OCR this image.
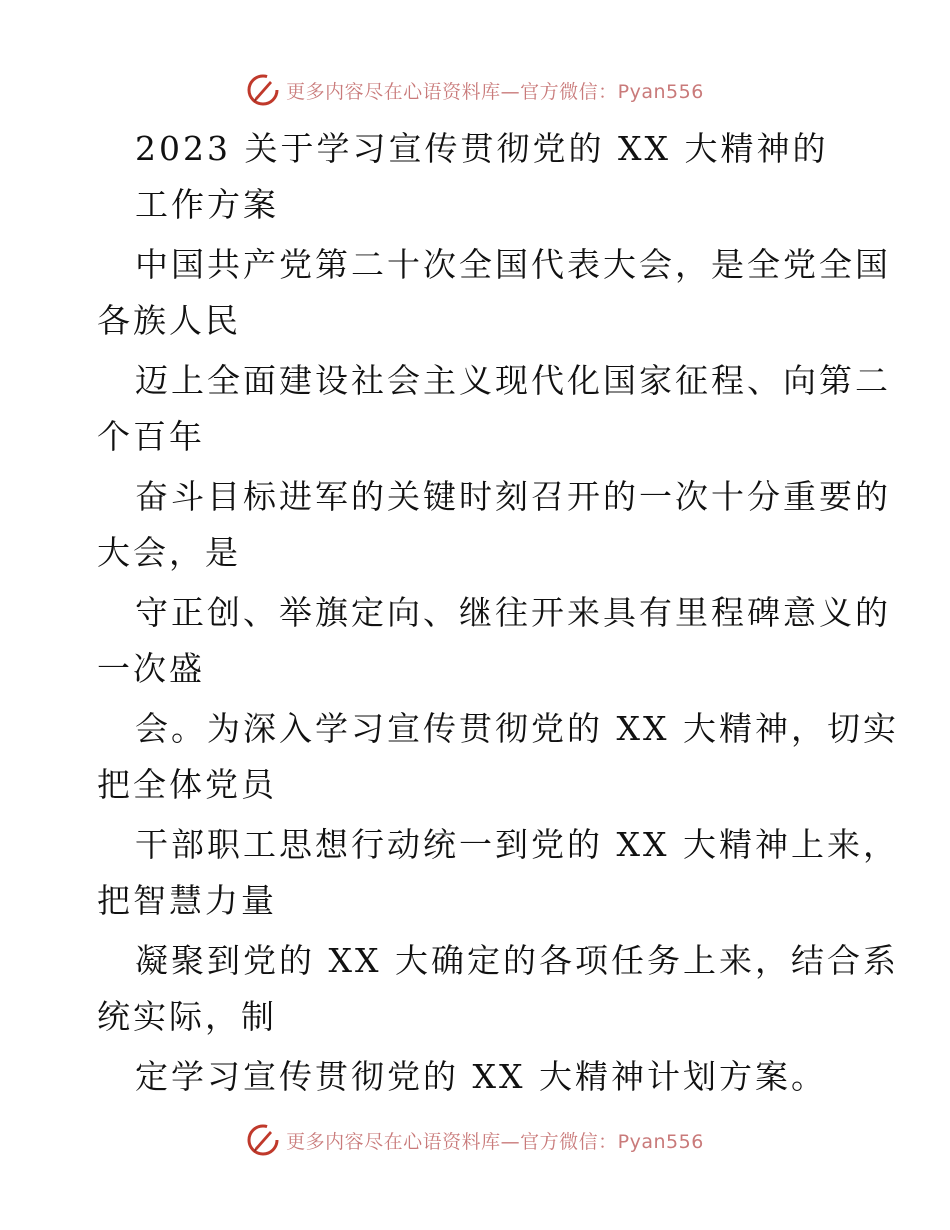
更多内容尽在心语资料库—官方微信：Pyan556
2023 关于学习宣传贯彻党的 XX 大精神的
工作方案
中国共产党第二十次全国代表大会，是全党全国
各族人民
迈上全面建设社会主义现代化国家征程、向第二
个百年
奋斗目标进军的关键时刻召开的一次十分重要的
大会，是
守正创、举旗定向、继往开来具有里程碑意义的
一次盛
会。为深入学习宣传贯彻党的 XX 大精神，切实
把全体党员
干部职工思想行动统一到党的 XX 大精神上来，
把智慧力量
凝聚到党的 XX 大确定的各项任务上来，结合系
统实际，制
定学习宣传贯彻党的 XX 大精神计划方案。
更多内容尽在心语资料库—官方微信：Pyan556
